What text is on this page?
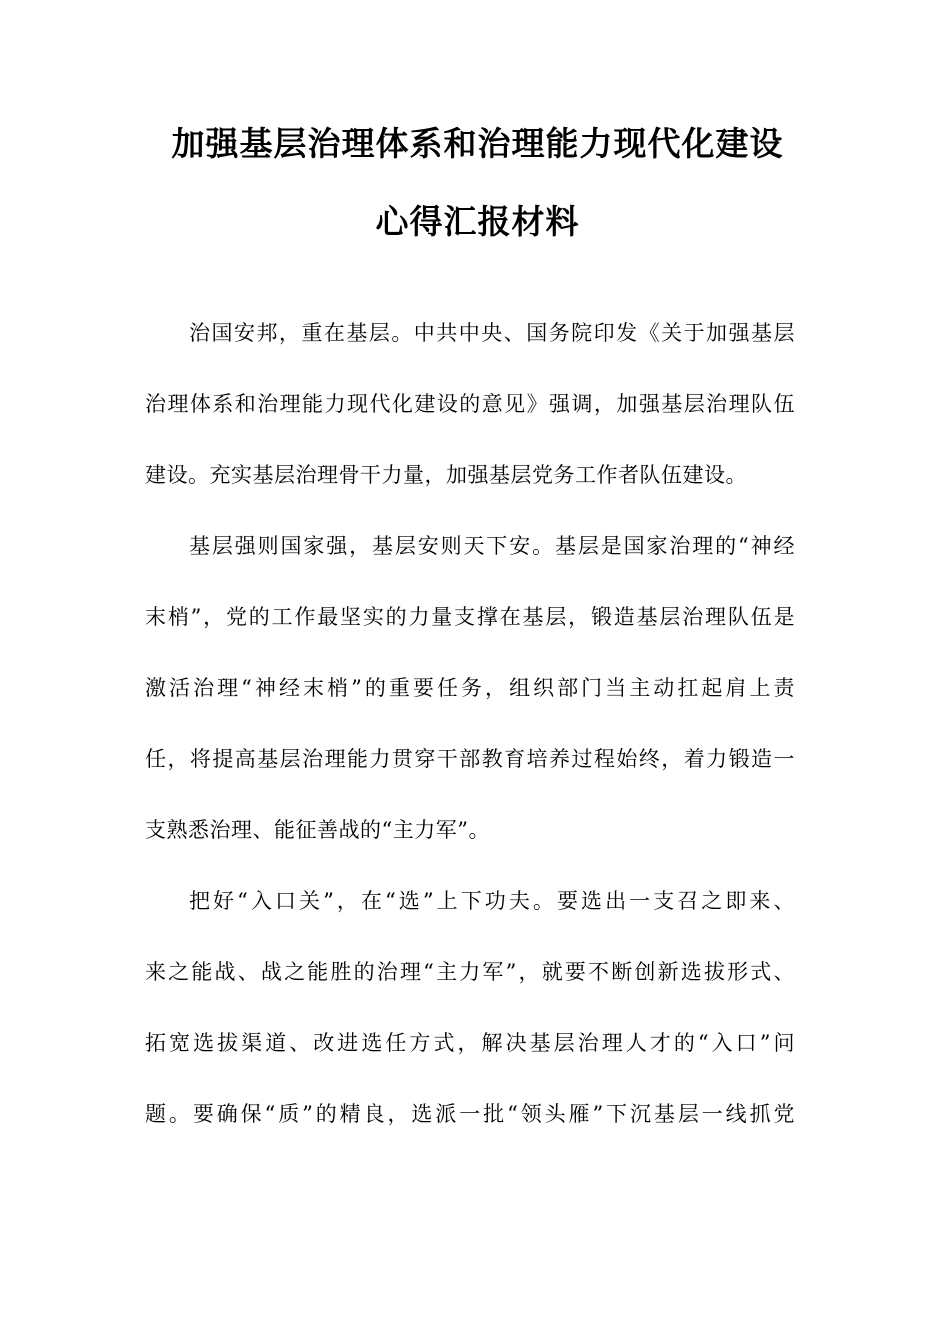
加强基层治理体系和治理能力现代化建设
心得汇报材料
治国安邦，重在基层。中共中央、国务院印发《关于加强基层
治理体系和治理能力现代化建设的意见》强调，加强基层治理队伍
建设。充实基层治理骨干力量，加强基层党务工作者队伍建设。
基层强则国家强，基层安则天下安。基层是国家治理的“神经
末梢”，党的工作最坚实的力量支撑在基层，锻造基层治理队伍是
激活治理“神经末梢”的重要任务，组织部门当主动扛起肩上责
任，将提高基层治理能力贯穿干部教育培养过程始终，着力锻造一
支熟悉治理、能征善战的“主力军”。
把好“入口关”，在“选”上下功夫。要选出一支召之即来、
来之能战、战之能胜的治理“主力军”，就要不断创新选拔形式、
拓宽选拔渠道、改进选任方式，解决基层治理人才的“入口”问
题。要确保“质”的精良，选派一批“领头雁”下沉基层一线抓党
